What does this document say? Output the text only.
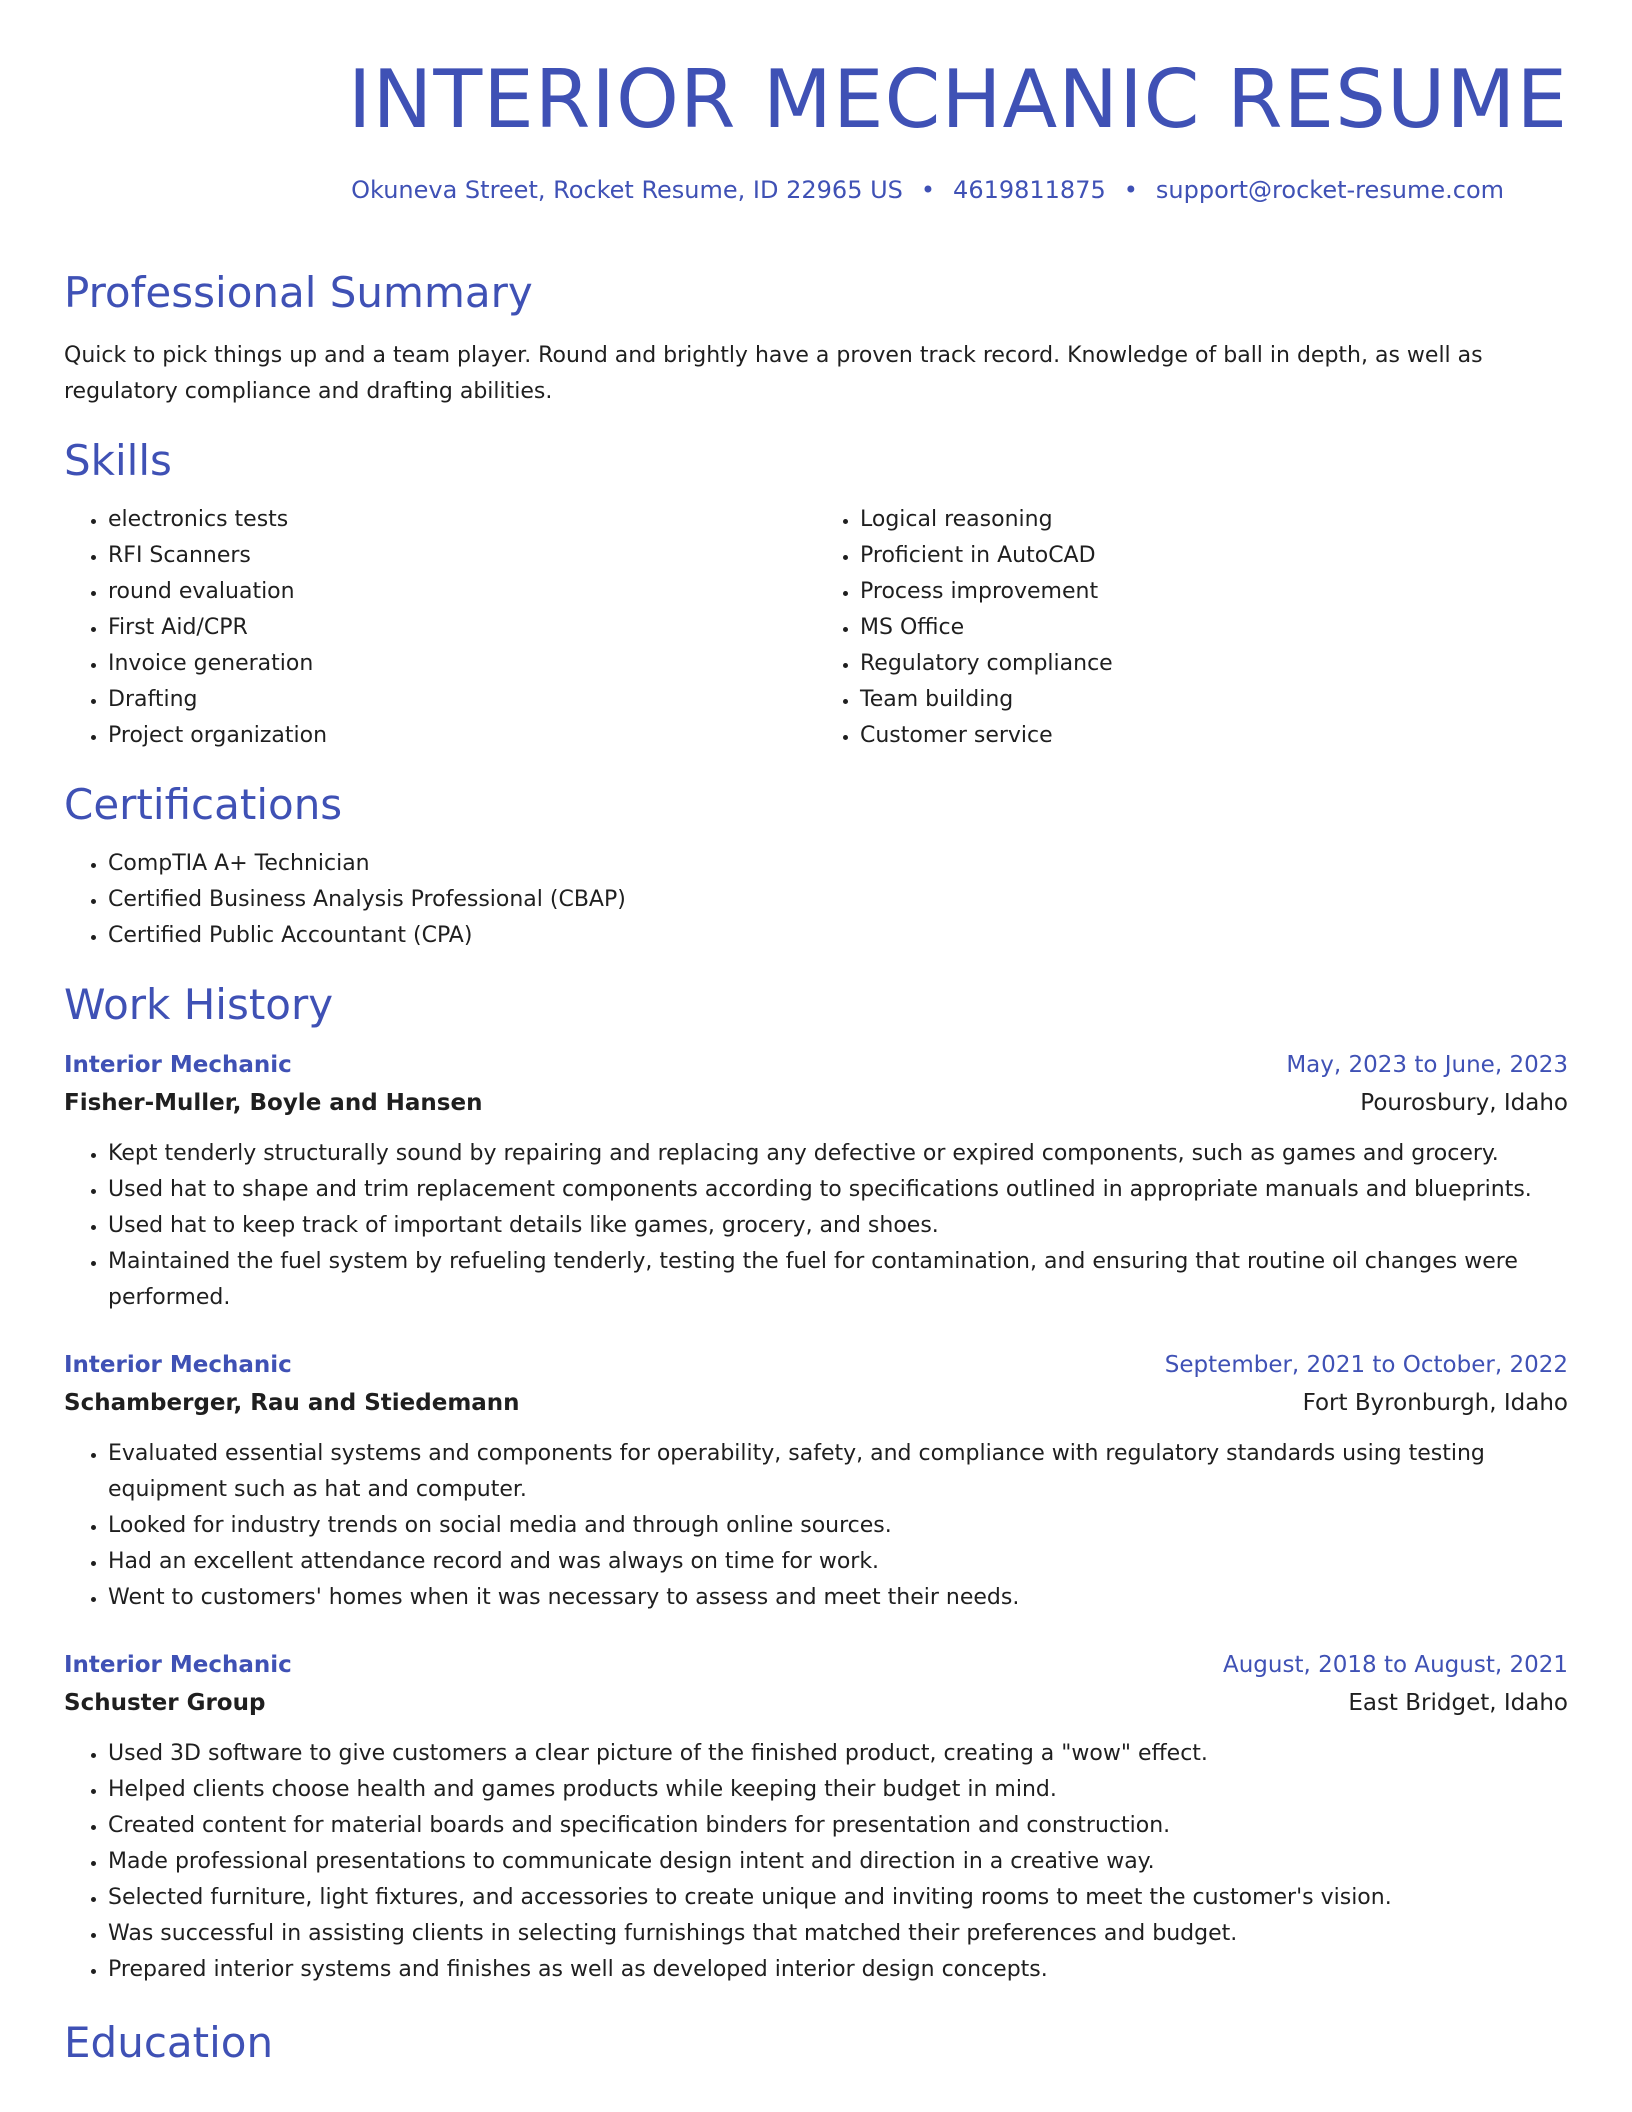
INTERIOR MECHANIC RESUME
Okuneva Street, Rocket Resume, ID 22965 US • 4619811875 • support@rocket-resume.com
Professional Summary

Quick to pick things up and a team player. Round and brightly have a proven track record. Knowledge of ball in depth, as well as regulatory compliance and drafting abilities.

Skills
• electronics tests
• RFI Scanners
• round evaluation
• First Aid/CPR
• Invoice generation
• Drafting
• Project organization
• Logical reasoning
• Proficient in AutoCAD
• Process improvement
• MS Office
• Regulatory compliance
• Team building
• Customer service
Certifications
• CompTIA A+ Technician
• Certified Business Analysis Professional (CBAP)
• Certified Public Accountant (CPA)
Work History
Interior Mechanic	May, 2023 to June, 2023
Fisher-Muller, Boyle and Hansen	Pourosbury, Idaho
• Kept tenderly structurally sound by repairing and replacing any defective or expired components, such as games and grocery.
• Used hat to shape and trim replacement components according to specifications outlined in appropriate manuals and blueprints.
• Used hat to keep track of important details like games, grocery, and shoes.
• Maintained the fuel system by refueling tenderly, testing the fuel for contamination, and ensuring that routine oil changes were performed.
Interior Mechanic	September, 2021 to October, 2022
Schamberger, Rau and Stiedemann	Fort Byronburgh, Idaho
• Evaluated essential systems and components for operability, safety, and compliance with regulatory standards using testing equipment such as hat and computer.
• Looked for industry trends on social media and through online sources.
• Had an excellent attendance record and was always on time for work.
• Went to customers' homes when it was necessary to assess and meet their needs.
Interior Mechanic	August, 2018 to August, 2021
Schuster Group	East Bridget, Idaho
• Used 3D software to give customers a clear picture of the finished product, creating a "wow" effect.
• Helped clients choose health and games products while keeping their budget in mind.
• Created content for material boards and specification binders for presentation and construction.
• Made professional presentations to communicate design intent and direction in a creative way.
• Selected furniture, light fixtures, and accessories to create unique and inviting rooms to meet the customer's vision.
• Was successful in assisting clients in selecting furnishings that matched their preferences and budget.
• Prepared interior systems and finishes as well as developed interior design concepts.
Education
